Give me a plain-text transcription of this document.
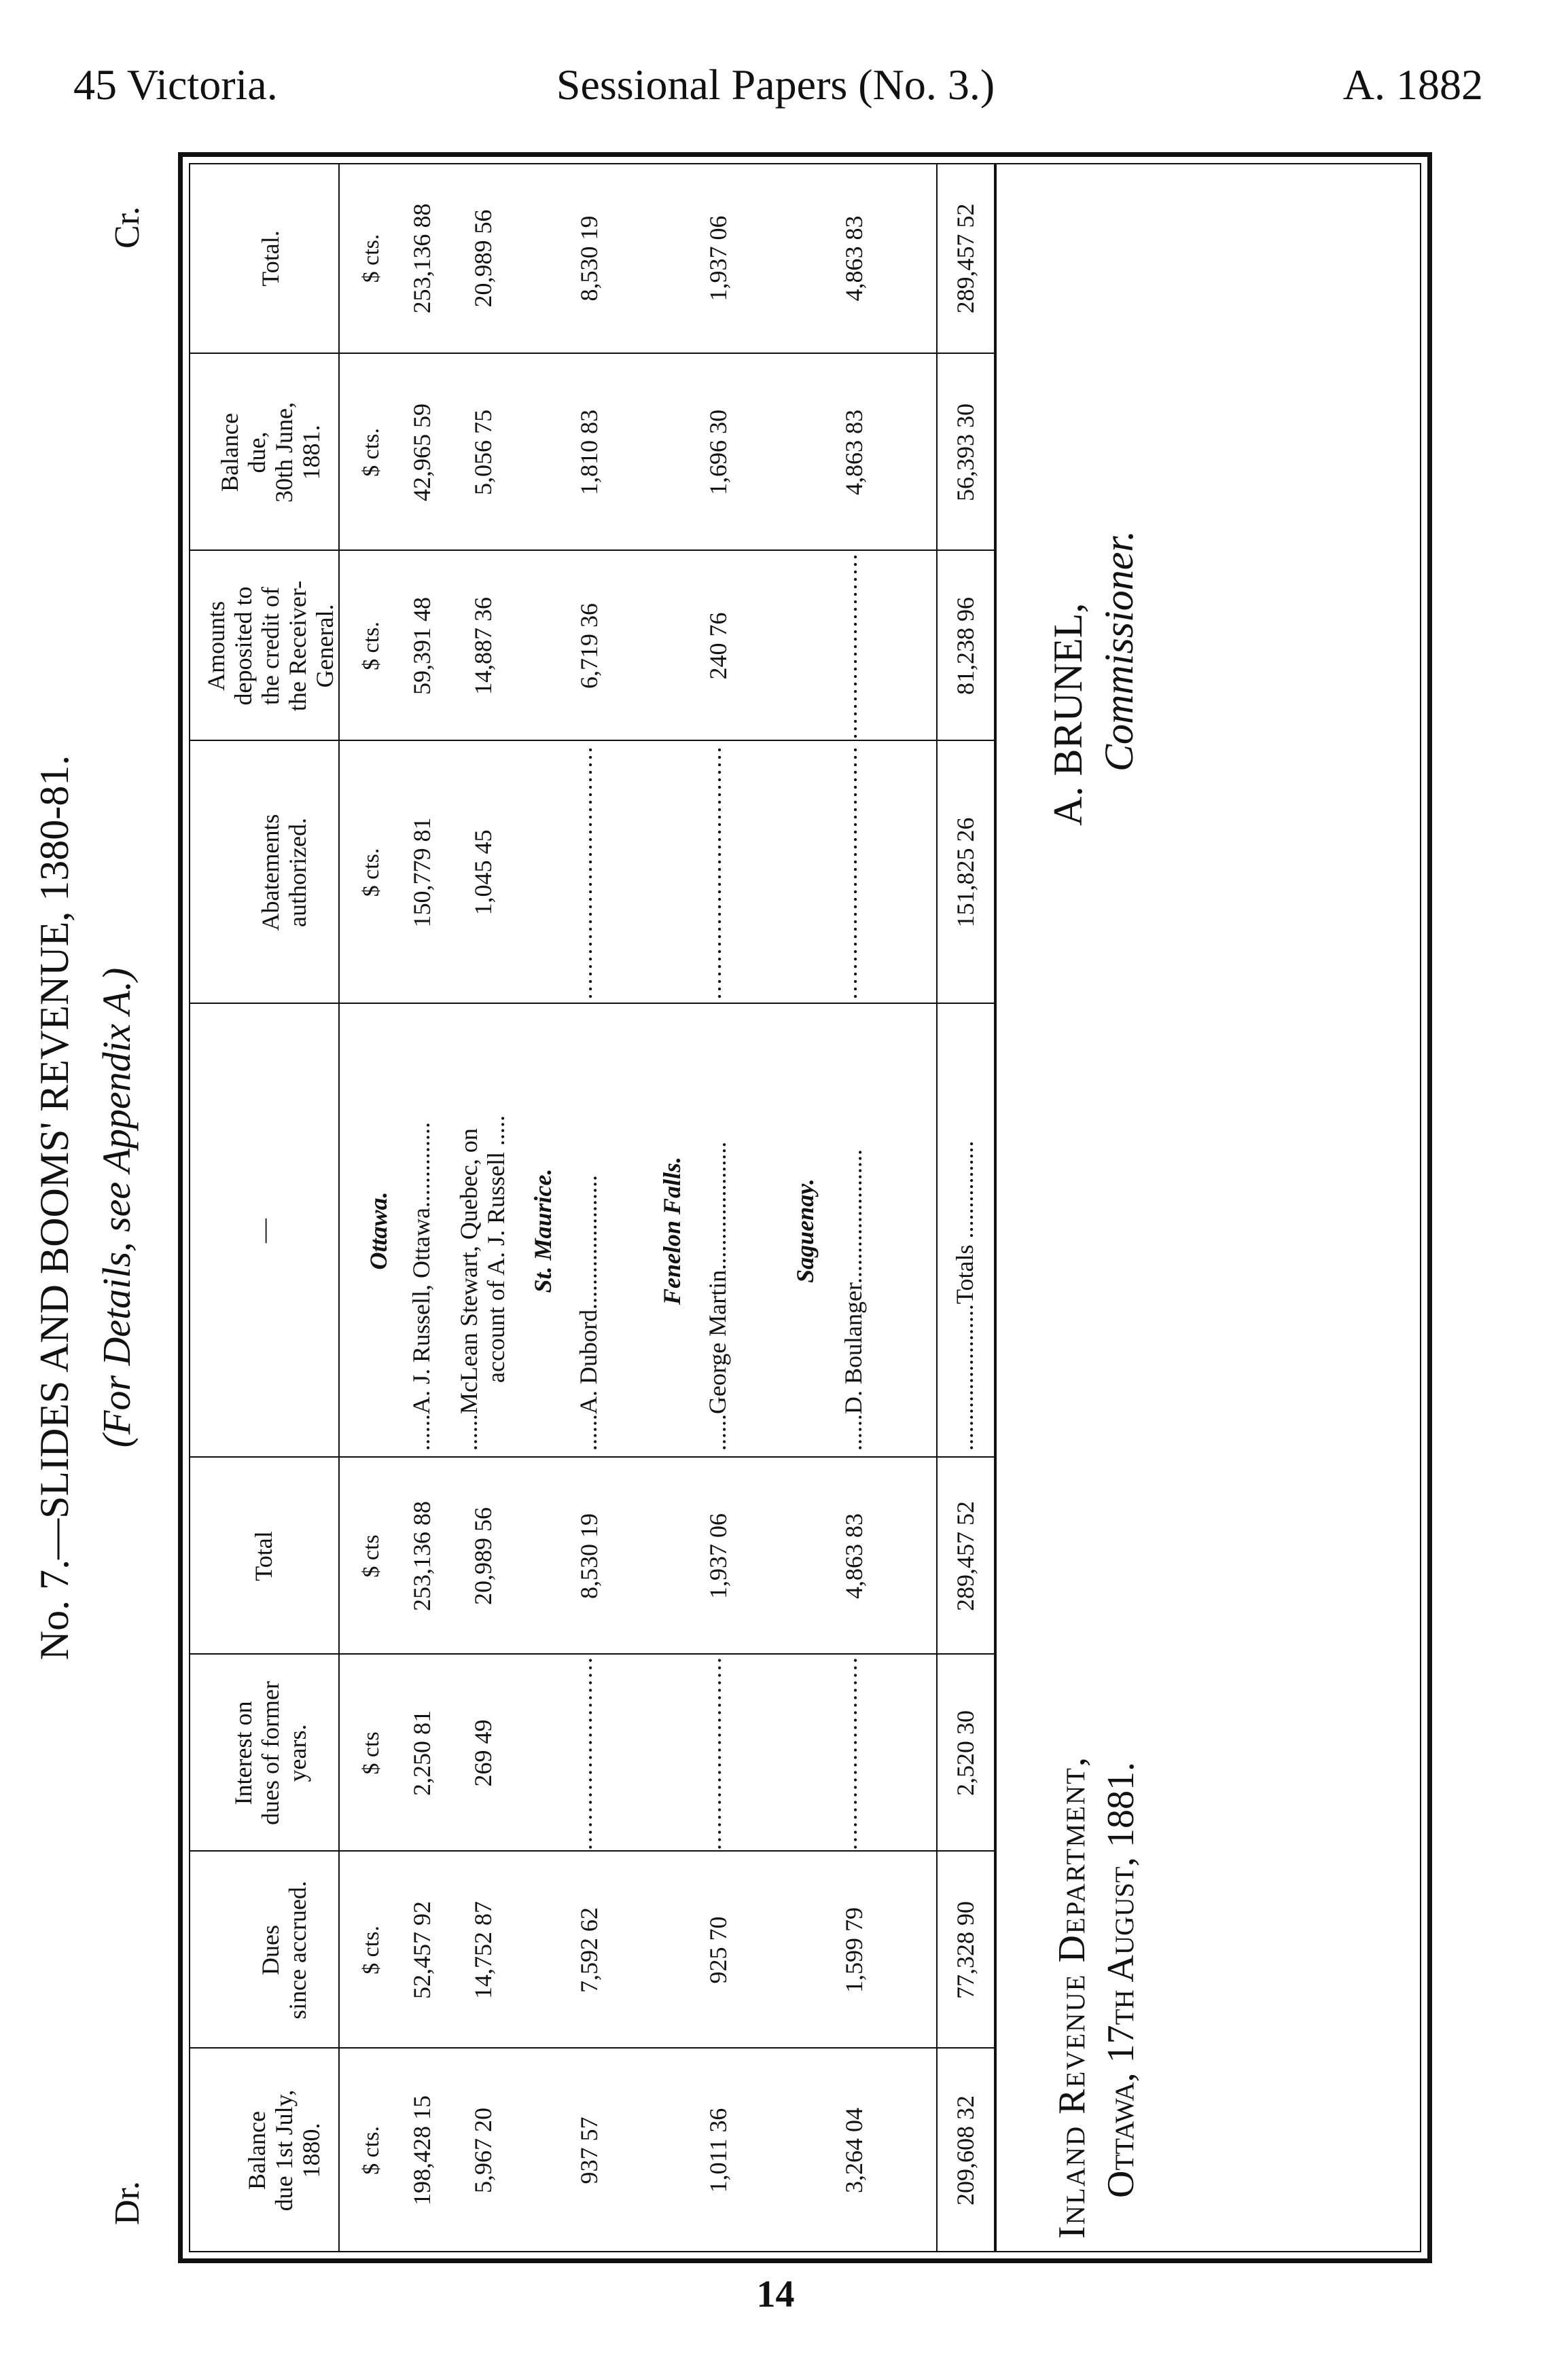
45 Victoria.	Sessional Papers (No. 3.)	A. 1882
No. 7.—SLIDES AND BOOMS' REVENUE, 1380-81. (For Details, see Appendix A.)
Dr.
Cr.
Balance due 1st July, 1880.
Dues since accrued.
Interest on dues of former years.
Total
—
Abatements authorized.
Amounts deposited to the credit of the Receiver- General.
Balance due, 30th June, 1881.
Total.
$ cts.
$ cts.
$ cts
$ cts
$ cts.
$ cts.
$ cts.
$ cts.
Ottawa.
198,428 15
52,457 92
2,250 81
253,136 88
......A. J. Russell, Ottawa..............
150,779 81
59,391 48
42,965 59
253,136 88
5,967 20
14,752 87
269 49
20,989 56
......McLean Stewart, Quebec, on account of A. J. Russell .....
1,045 45
14,887 36
5,056 75
20,989 56
St. Maurice.
937 57
7,592 62
..........................
8,530 19
......A. Dubord......................
..................................
6,719 36
1,810 83
8,530 19
Fenelon Falls.
1,011 36
925 70
..........................
1,937 06
......George Martin.....................
..................................
240 76
1,696 30
1,937 06
Saguenay.
3,264 04
1,599 79
..........................
4,863 83
......D. Boulanger......................
..................................
.........................
4,863 83
4,863 83
209,608 32
77,328 90
2,520 30
289,457 52
........................Totals ................
151,825 26
81,238 96
56,393 30
289,457 52
Inland Revenue Department, Ottawa, 17th August, 1881.
A. BRUNEL, Commissioner.
14
